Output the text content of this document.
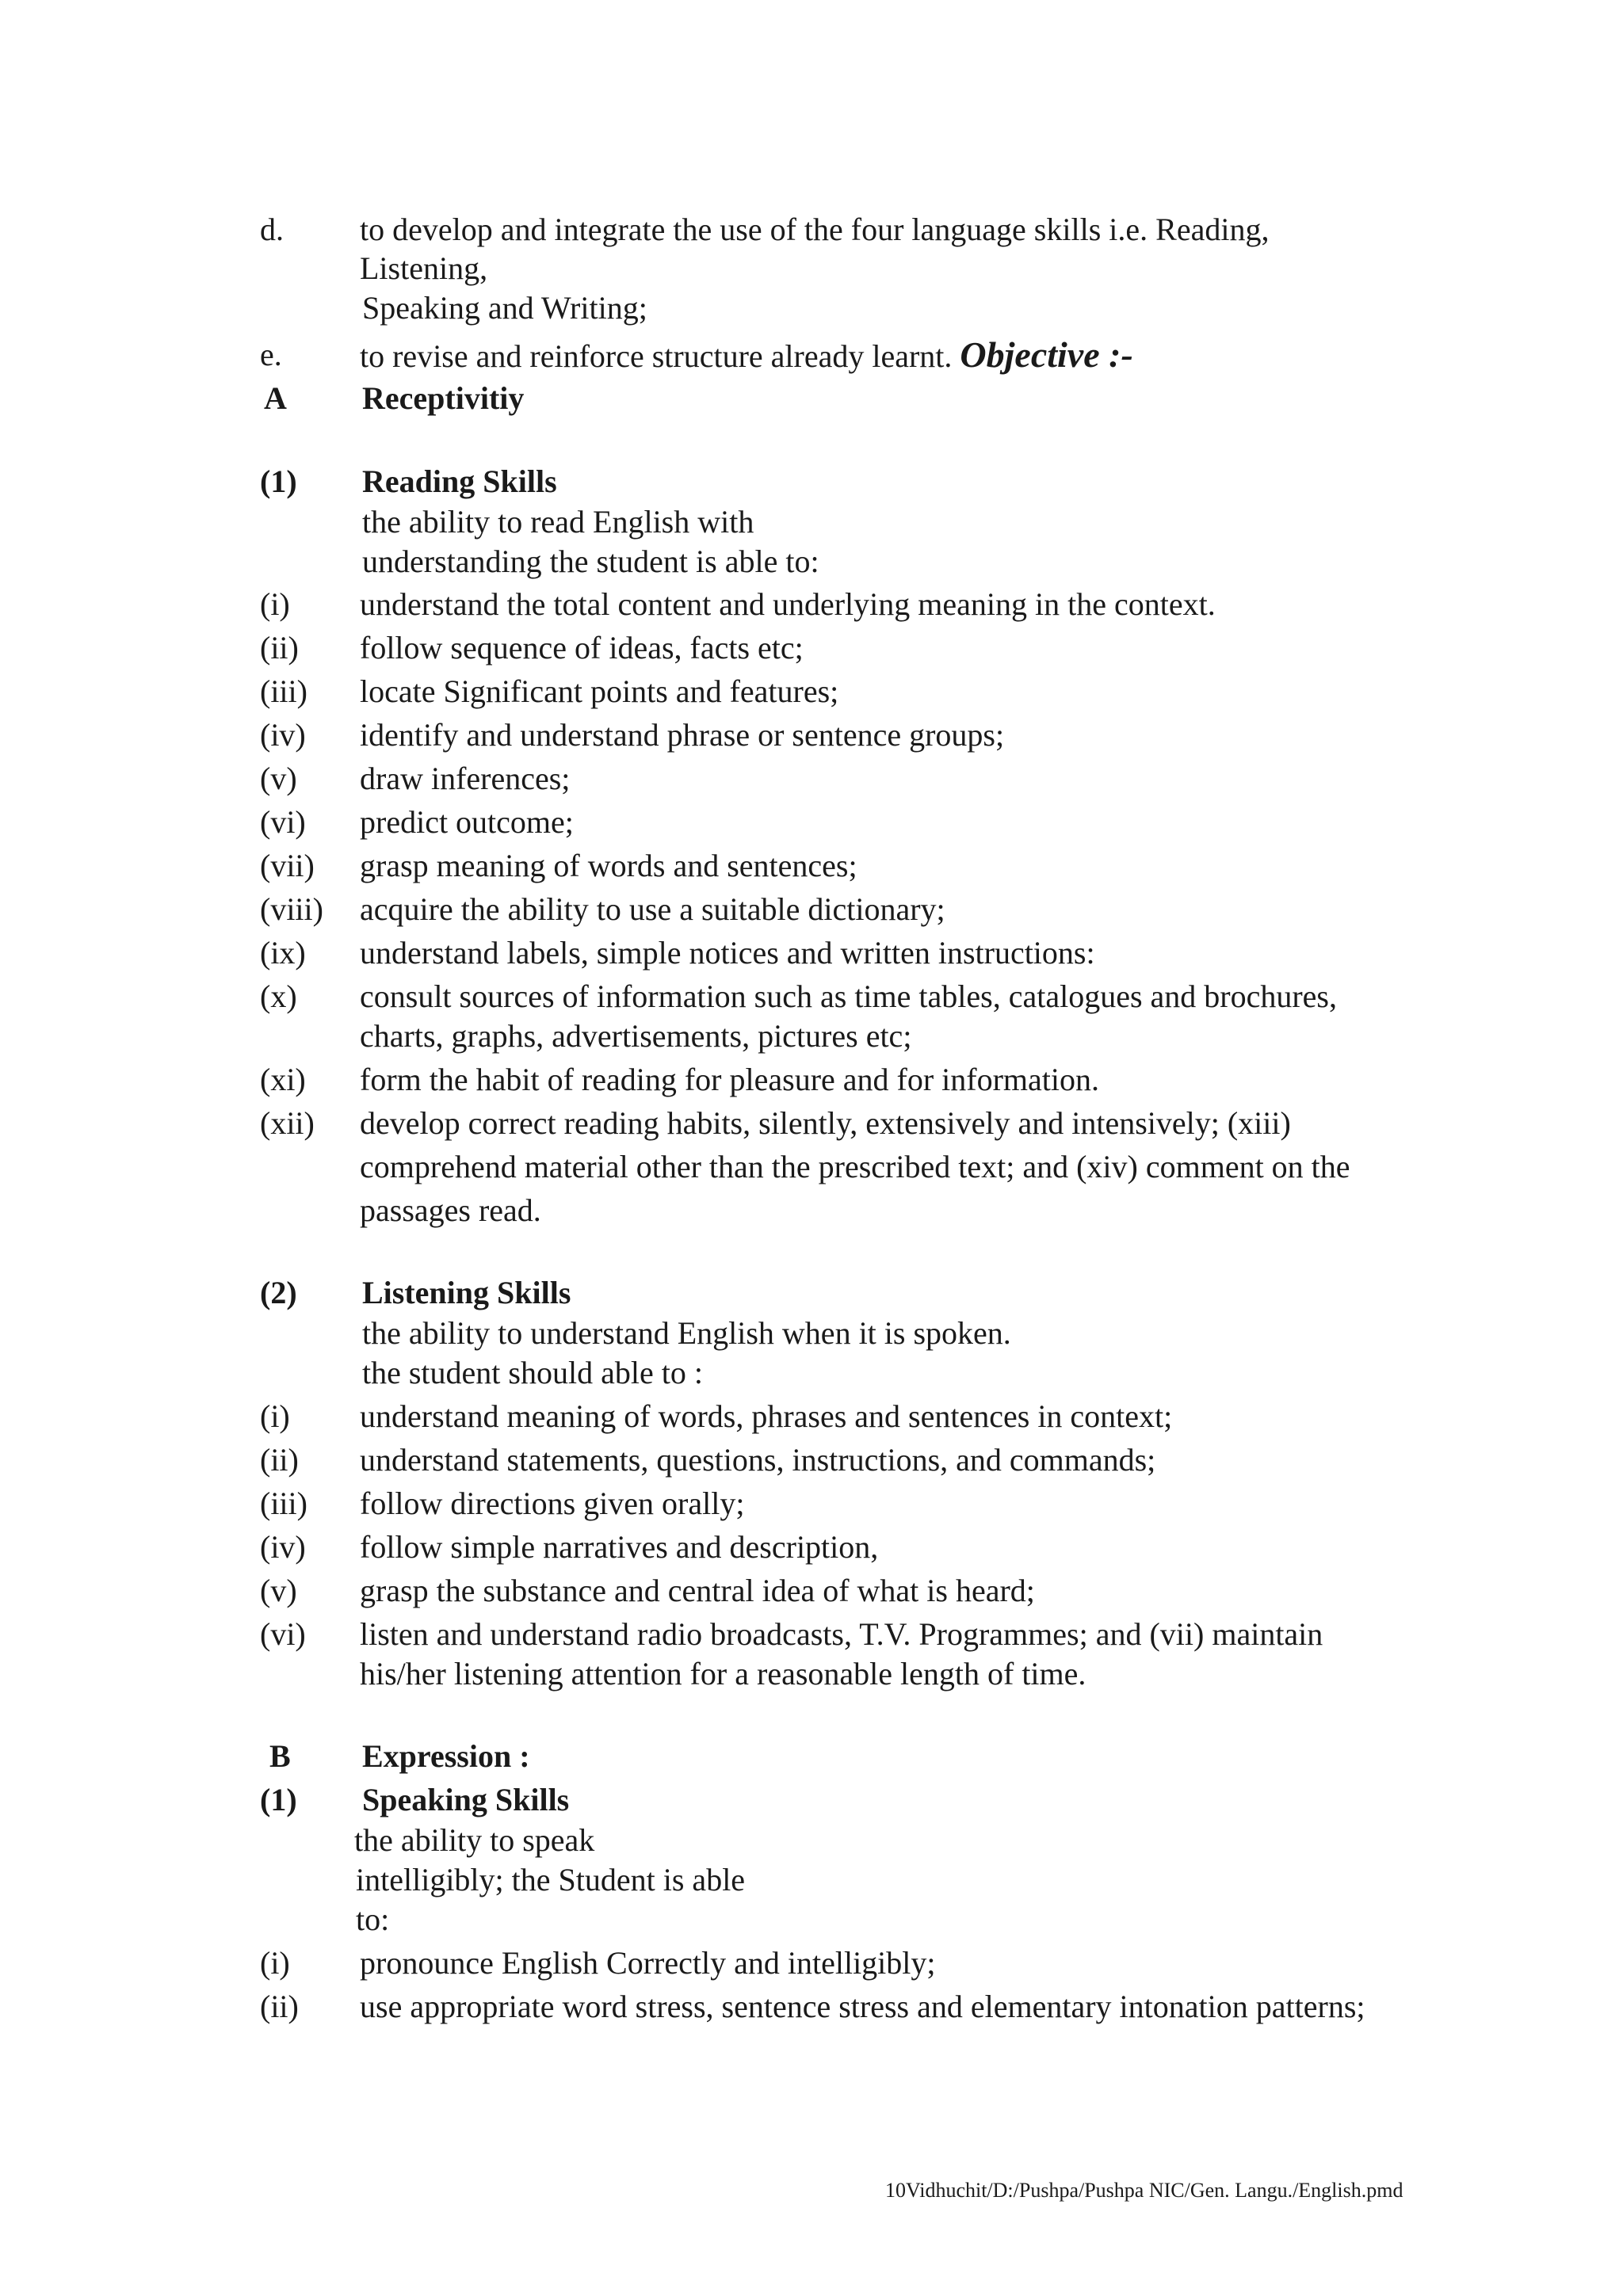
d. to develop and integrate the use of the four language skills i.e. Reading,
Listening,
Speaking and Writing;
e. to revise and reinforce structure already learnt. Objective :-
A Receptivitiy
(1) Reading Skills
the ability to read English with
understanding the student is able to:
(i) understand the total content and underlying meaning in the context.
(ii) follow sequence of ideas, facts etc;
(iii) locate Significant points and features;
(iv) identify and understand phrase or sentence groups;
(v) draw inferences;
(vi) predict outcome;
(vii) grasp meaning of words and sentences;
(viii) acquire the ability to use a suitable dictionary;
(ix) understand labels, simple notices and written instructions:
(x) consult sources of information such as time tables, catalogues and brochures,
charts, graphs, advertisements, pictures etc;
(xi) form the habit of reading for pleasure and for information.
(xii) develop correct reading habits, silently, extensively and intensively; (xiii)
comprehend material other than the prescribed text; and (xiv) comment on the
passages read.
(2) Listening Skills
the ability to understand English when it is spoken.
the student should able to :
(i) understand meaning of words, phrases and sentences in context;
(ii) understand statements, questions, instructions, and commands;
(iii) follow directions given orally;
(iv) follow simple narratives and description,
(v) grasp the substance and central idea of what is heard;
(vi) listen and understand radio broadcasts, T.V. Programmes; and (vii) maintain
his/her listening attention for a reasonable length of time.
B Expression :
(1) Speaking Skills
the ability to speak
intelligibly; the Student is able
to:
(i) pronounce English Correctly and intelligibly;
(ii) use appropriate word stress, sentence stress and elementary intonation patterns;
10Vidhuchit/D:/Pushpa/Pushpa NIC/Gen. Langu./English.pmd
